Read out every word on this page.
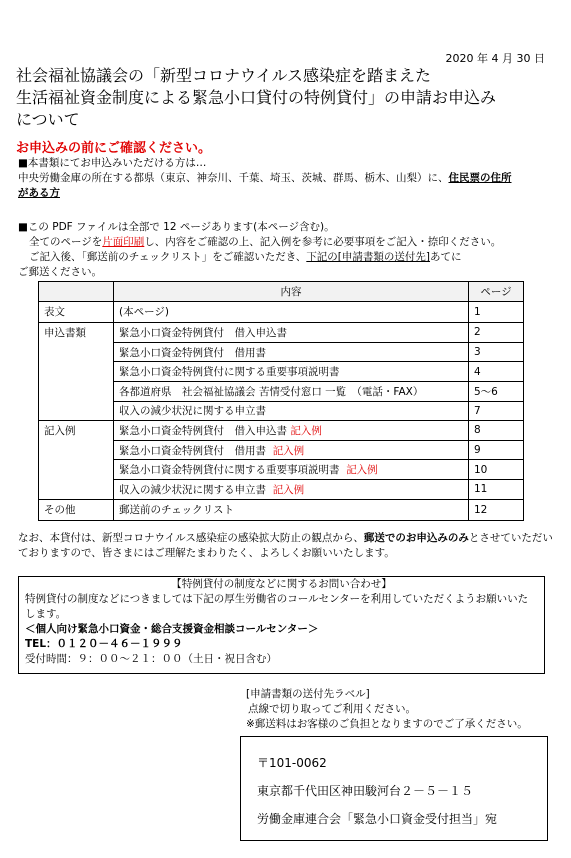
2020 年 4 月 30 日
社会福祉協議会の「新型コロナウイルス感染症を踏まえた
生活福祉資金制度による緊急小口貸付の特例貸付」の申請お申込み
について
お申込みの前にご確認ください。
■本書類にてお申込みいただける方は…
中央労働金庫の所在する都県（東京、神奈川、千葉、埼玉、茨城、群馬、栃木、山梨）に、住民票の住所
がある方
■この PDF ファイルは全部で 12 ページあります(本ページ含む)。
全てのページを片面印刷し、内容をご確認の上、記入例を参考に必要事項をご記入・捺印ください。
ご記入後、「郵送前のチェックリスト」をご確認いただき、下記の[申請書類の送付先]あてに
ご郵送ください。
	内容	ページ
表文	(本ページ)	1
申込書類	緊急小口資金特例貸付　借入申込書	2
	緊急小口資金特例貸付　借用書	3
	緊急小口資金特例貸付に関する重要事項説明書	4
	各都道府県　社会福祉協議会 苦情受付窓口 一覧　（電話・FAX）	5～6
	収入の減少状況に関する申立書	7
記入例	緊急小口資金特例貸付　借入申込書 記入例	8
	緊急小口資金特例貸付　借用書 記入例	9
	緊急小口資金特例貸付に関する重要事項説明書 記入例	10
	収入の減少状況に関する申立書 記入例	11
その他	郵送前のチェックリスト	12
なお、本貸付は、新型コロナウイルス感染症の感染拡大防止の観点から、郵送でのお申込みのみとさせていただいておりますので、皆さまにはご理解たまわりたく、よろしくお願いいたします。
【特例貸付の制度などに関するお問い合わせ】
特例貸付の制度などにつきましては下記の厚生労働省のコールセンターを利用していただくようお願いいたします。
＜個人向け緊急小口資金・総合支援資金相談コールセンター＞
TEL：０１２０－４６－１９９９
受付時間：９：００～２１：００（土日・祝日含む）
[申請書類の送付先ラベル]
点線で切り取ってご利用ください。
※郵送料はお客様のご負担となりますのでご了承ください。
〒101-0062
東京都千代田区神田駿河台２－５－１５
労働金庫連合会「緊急小口資金受付担当」宛
